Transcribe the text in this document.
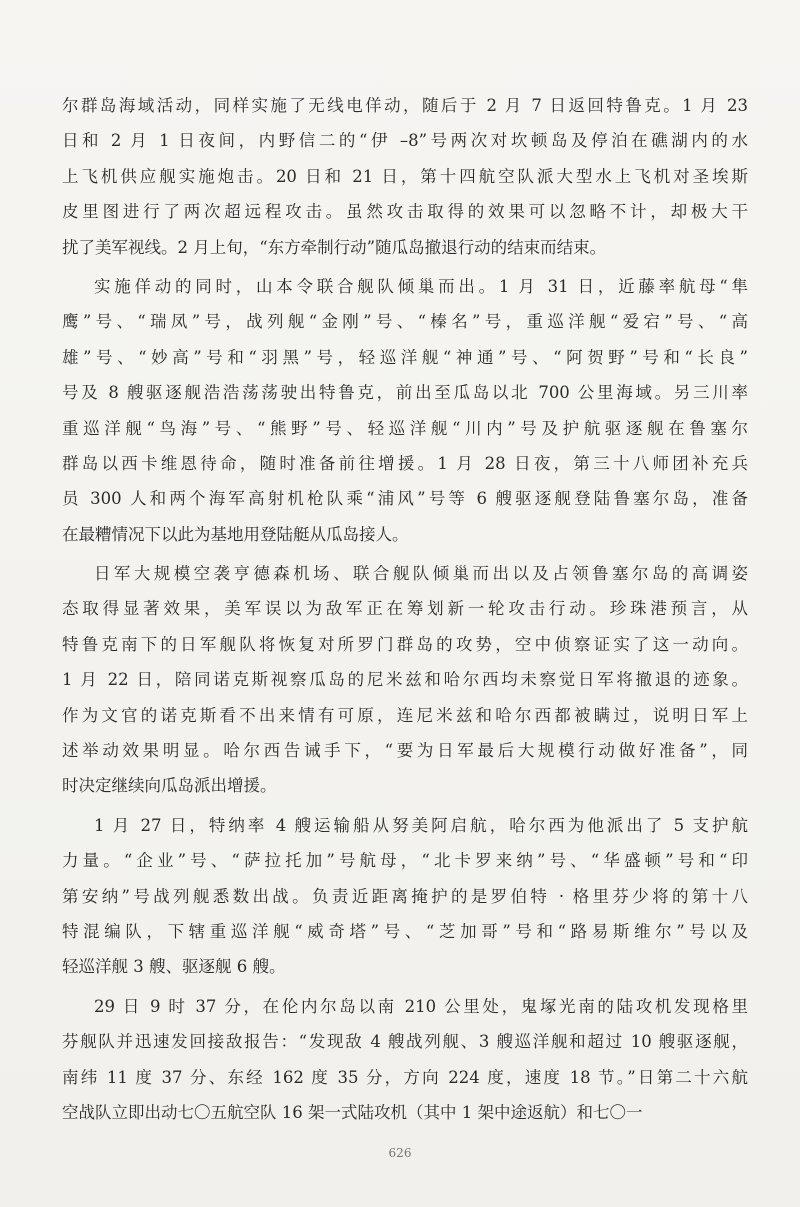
尔群岛海域活动，同样实施了无线电佯动，随后于 2 月 7 日返回特鲁克。1 月 23
日和 2 月 1 日夜间，内野信二的“伊 –8”号两次对坎顿岛及停泊在礁湖内的水
上飞机供应舰实施炮击。20 日和 21 日，第十四航空队派大型水上飞机对圣埃斯
皮里图进行了两次超远程攻击。虽然攻击取得的效果可以忽略不计，却极大干
扰了美军视线。2 月上旬，“东方牵制行动”随瓜岛撤退行动的结束而结束。
实施佯动的同时，山本令联合舰队倾巢而出。1 月 31 日，近藤率航母“隼
鹰”号、“瑞凤”号，战列舰“金刚”号、“榛名”号，重巡洋舰“爱宕”号、“高
雄”号、“妙高”号和“羽黑”号，轻巡洋舰“神通”号、“阿贺野”号和“长良”
号及 8 艘驱逐舰浩浩荡荡驶出特鲁克，前出至瓜岛以北 700 公里海域。另三川率
重巡洋舰“鸟海”号、“熊野”号、轻巡洋舰“川内”号及护航驱逐舰在鲁塞尔
群岛以西卡维恩待命，随时准备前往增援。1 月 28 日夜，第三十八师团补充兵
员 300 人和两个海军高射机枪队乘“浦风”号等 6 艘驱逐舰登陆鲁塞尔岛，准备
在最糟情况下以此为基地用登陆艇从瓜岛接人。
日军大规模空袭亨德森机场、联合舰队倾巢而出以及占领鲁塞尔岛的高调姿
态取得显著效果，美军误以为敌军正在筹划新一轮攻击行动。珍珠港预言，从
特鲁克南下的日军舰队将恢复对所罗门群岛的攻势，空中侦察证实了这一动向。
1 月 22 日，陪同诺克斯视察瓜岛的尼米兹和哈尔西均未察觉日军将撤退的迹象。
作为文官的诺克斯看不出来情有可原，连尼米兹和哈尔西都被瞒过，说明日军上
述举动效果明显。哈尔西告诫手下，“要为日军最后大规模行动做好准备”，同
时决定继续向瓜岛派出增援。
1 月 27 日，特纳率 4 艘运输船从努美阿启航，哈尔西为他派出了 5 支护航
力量。“企业”号、“萨拉托加”号航母，“北卡罗来纳”号、“华盛顿”号和“印
第安纳”号战列舰悉数出战。负责近距离掩护的是罗伯特 · 格里芬少将的第十八
特混编队，下辖重巡洋舰“威奇塔”号、“芝加哥”号和“路易斯维尔”号以及
轻巡洋舰 3 艘、驱逐舰 6 艘。
29 日 9 时 37 分，在伦内尔岛以南 210 公里处，鬼塚光南的陆攻机发现格里
芬舰队并迅速发回接敌报告：“发现敌 4 艘战列舰、3 艘巡洋舰和超过 10 艘驱逐舰，
南纬 11 度 37 分、东经 162 度 35 分，方向 224 度，速度 18 节。”日第二十六航
空战队立即出动七〇五航空队 16 架一式陆攻机（其中 1 架中途返航）和七〇一
626
